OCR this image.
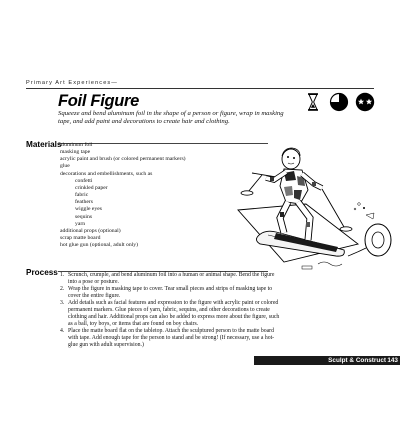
Primary Art Experiences—
Foil Figure
Squeeze and bend aluminum foil in the shape of a person or figure, wrap in masking tape, and add paint and decorations to create hair and clothing.
Materials
aluminum foil
masking tape
acrylic paint and brush (or colored permanent markers)
glue
decorations and embellishments, such as
confetti
crinkled paper
fabric
feathers
wiggle eyes
sequins
yarn
additional props (optional)
scrap matte board
hot glue gun (optional, adult only)
Process 1. Scrunch, crumple, and bend aluminum foil into a human or animal shape. Bend the figure into a pose or posture.
2. Wrap the figure in masking tape to cover. Tear small pieces and strips of masking tape to cover the entire figure.
3. Add details such as facial features and expression to the figure with acrylic paint or colored permanent markers. Glue pieces of yarn, fabric, sequins, and other decorations to create clothing and hair. Additional props can also be added to express more about the figure, such as a ball, toy boys, or items that are found on boy chairs.
4. Place the matte board flat on the tabletop. Attach the sculptured person to the matte board with tape. Add enough tape for the person to stand and be strong! (If necessary, use a hot-glue gun with adult supervision.)
Sculpt & Construct 143
